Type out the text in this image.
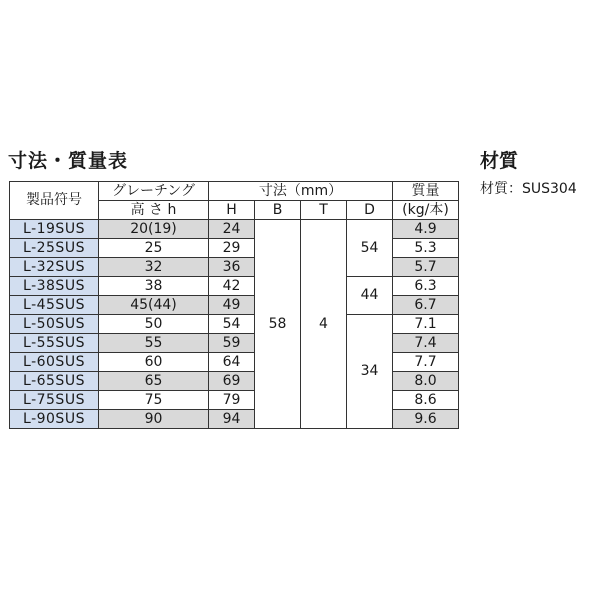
寸法・質量表	材質
材質：SUS304
製品符号	グレーチング	寸法（mm）				質量
	高 さ h	H	B	T	D	(kg/本)
L-19SUS	20(19)	24	58	4	54	4.9
L-25SUS	25	29				5.3
L-32SUS	32	36				5.7
L-38SUS	38	42			44	6.3
L-45SUS	45(44)	49				6.7
L-50SUS	50	54			34	7.1
L-55SUS	55	59				7.4
L-60SUS	60	64				7.7
L-65SUS	65	69				8.0
L-75SUS	75	79				8.6
L-90SUS	90	94				9.6
